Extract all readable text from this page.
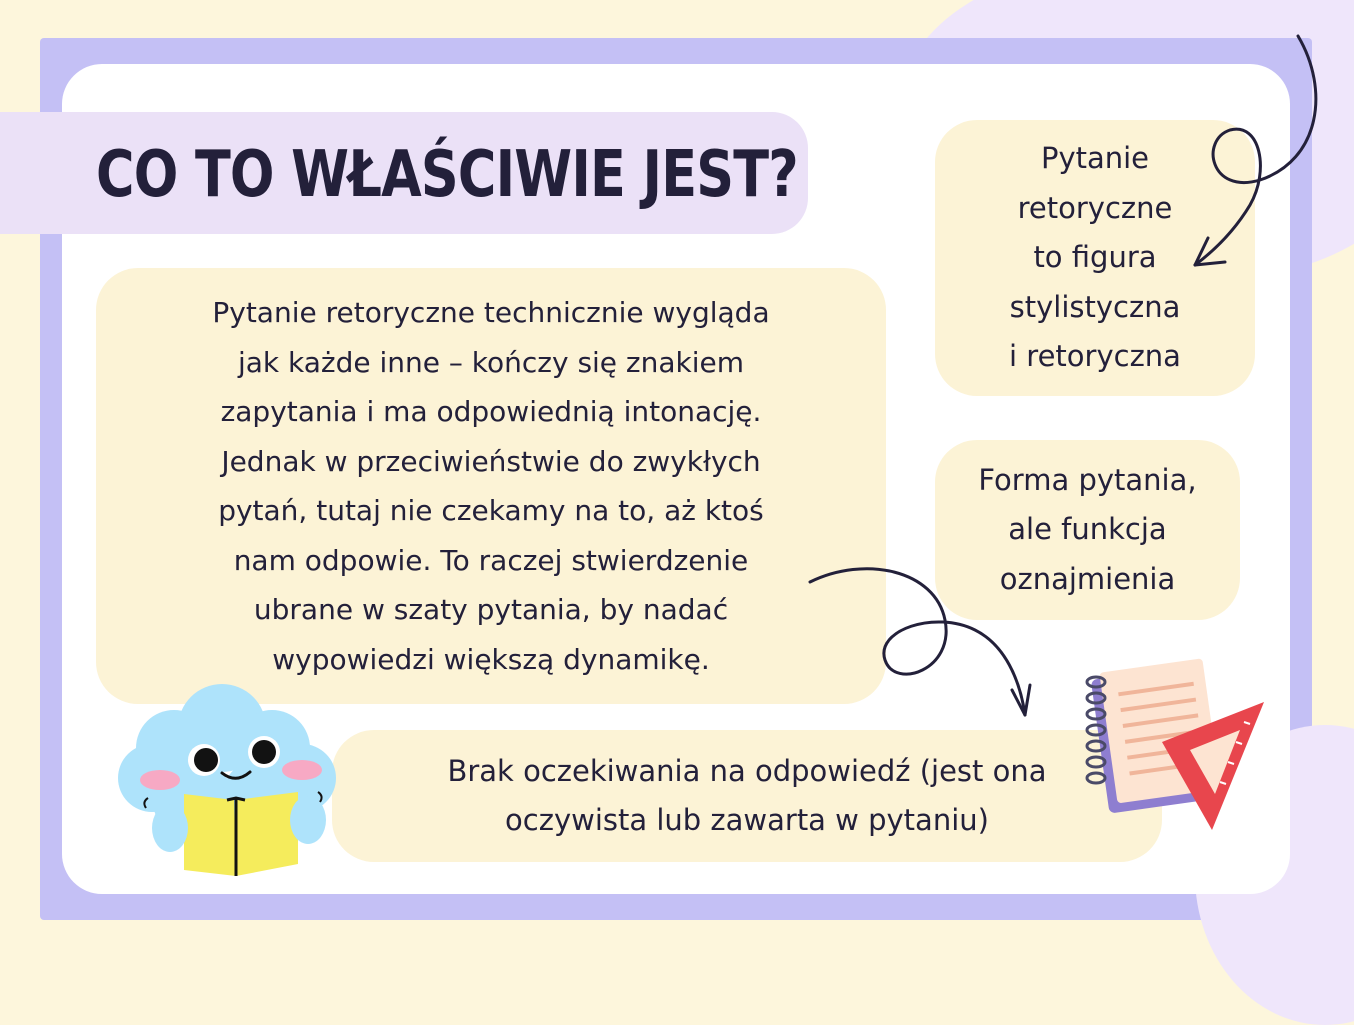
CO TO WŁAŚCIWIE JEST?

Pytanie retoryczne technicznie wygląda
jak każde inne – kończy się znakiem
zapytania i ma odpowiednią intonację.
Jednak w przeciwieństwie do zwykłych
pytań, tutaj nie czekamy na to, aż ktoś
nam odpowie. To raczej stwierdzenie
ubrane w szaty pytania, by nadać
wypowiedzi większą dynamikę.

Pytanie
retoryczne
to figura
stylistyczna
i retoryczna

Forma pytania,
ale funkcja
oznajmienia

Brak oczekiwania na odpowiedź (jest ona
oczywista lub zawarta w pytaniu)
